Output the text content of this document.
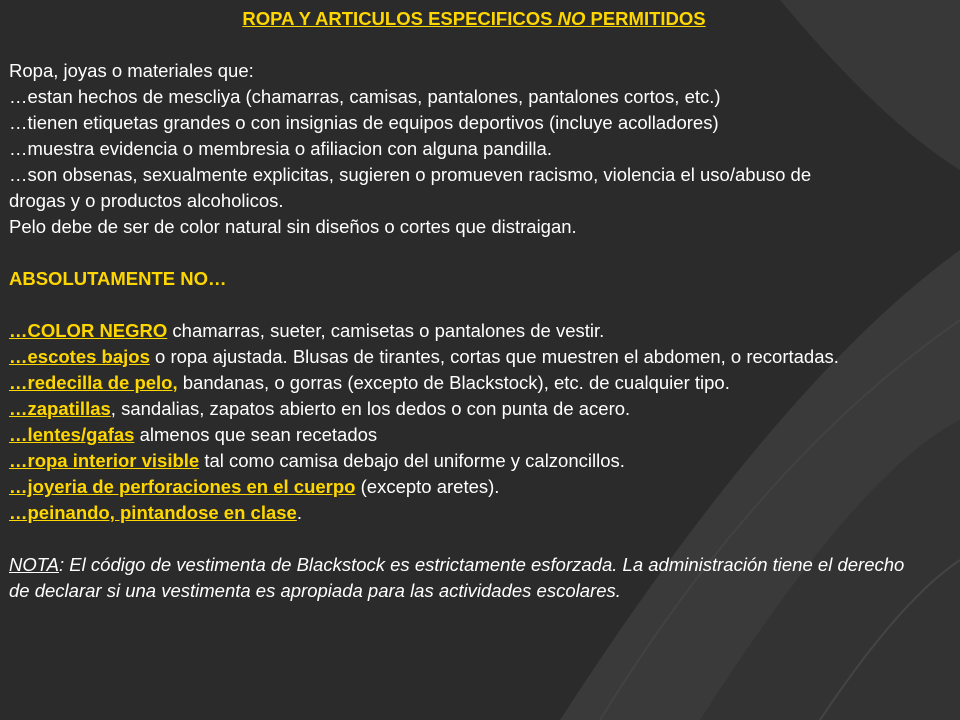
ROPA Y ARTICULOS ESPECIFICOS NO PERMITIDOS
Ropa, joyas o materiales que:
…estan hechos de mescliya (chamarras, camisas, pantalones, pantalones cortos, etc.)
…tienen etiquetas grandes o con insignias de equipos deportivos (incluye acolladores)
…muestra evidencia o membresia o afiliacion con alguna pandilla.
…son obsenas, sexualmente explicitas, sugieren o promueven racismo, violencia el uso/abuso de drogas y o productos alcoholicos.
Pelo debe de ser de color natural sin diseños o cortes que distraigan.
ABSOLUTAMENTE NO…
…COLOR NEGRO chamarras, sueter, camisetas o pantalones de vestir.
…escotes bajos o ropa ajustada. Blusas de tirantes, cortas que muestren el abdomen, o recortadas.
…redecilla de pelo, bandanas, o gorras (excepto de Blackstock), etc. de cualquier tipo.
…zapatillas, sandalias, zapatos abierto en los dedos o con punta de acero.
…lentes/gafas almenos que sean recetados
…ropa interior visible tal como camisa debajo del uniforme y calzoncillos.
…joyeria de perforaciones en el cuerpo (excepto aretes).
…peinando, pintandose en clase.
NOTA: El código de vestimenta de Blackstock es estrictamente esforzada. La administración tiene el derecho de declarar si una vestimenta es apropiada para las actividades escolares.
